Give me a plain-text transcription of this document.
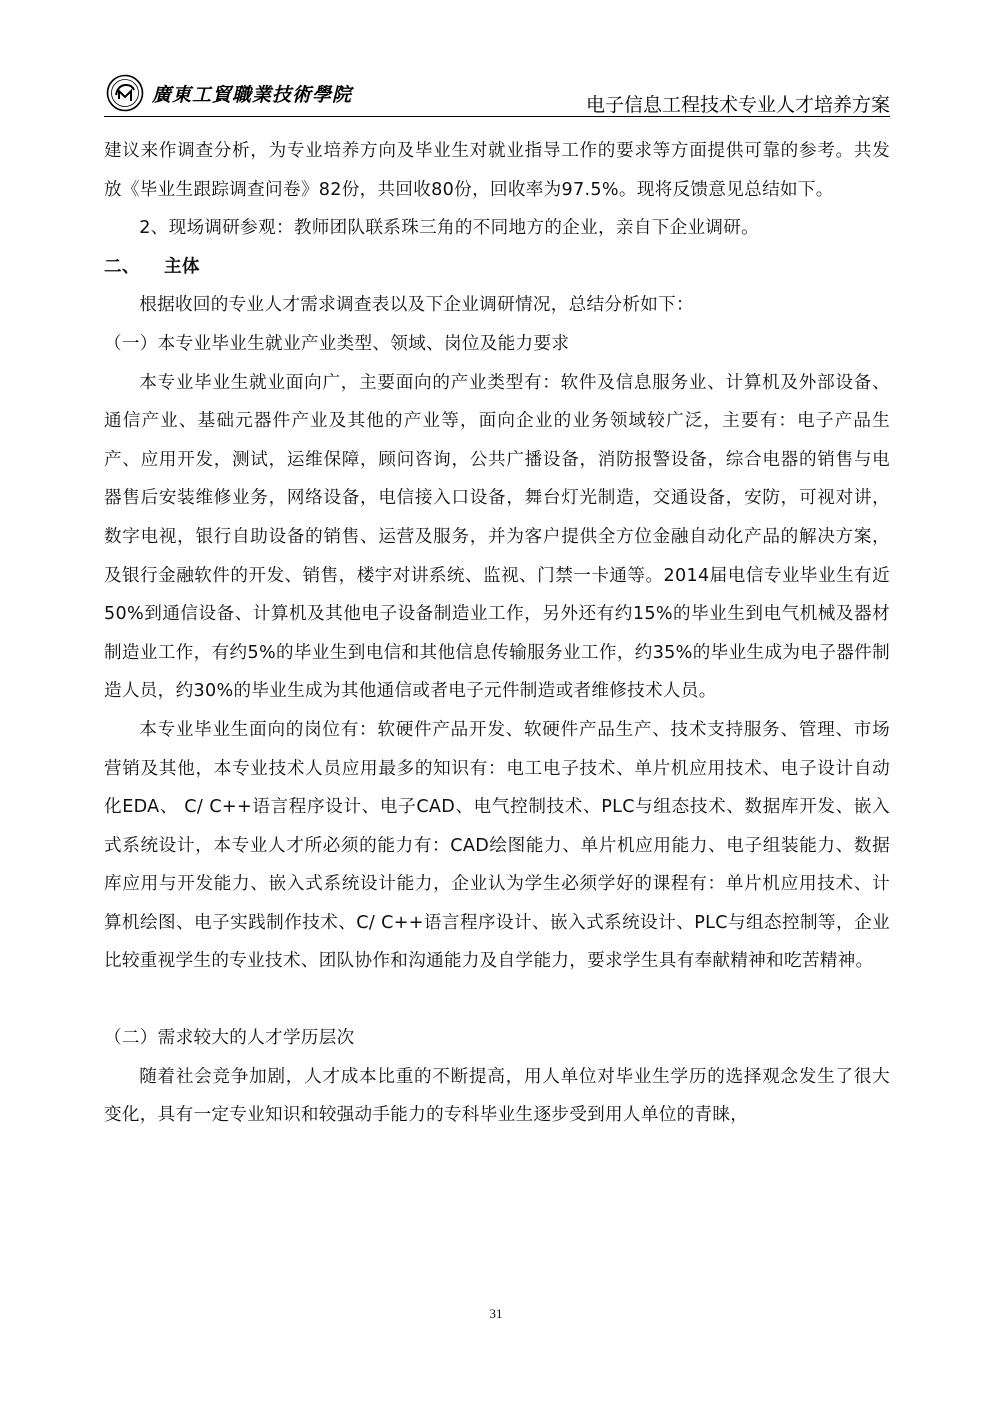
廣東工貿職業技術學院	电子信息工程技术专业人才培养方案

建议来作调查分析，为专业培养方向及毕业生对就业指导工作的要求等方面提供可靠的参考。共发放《毕业生跟踪调查问卷》82份，共回收80份，回收率为97.5%。现将反馈意见总结如下。

2、现场调研参观：教师团队联系珠三角的不同地方的企业，亲自下企业调研。

二、 主体

根据收回的专业人才需求调查表以及下企业调研情况，总结分析如下：

（一）本专业毕业生就业产业类型、领域、岗位及能力要求

本专业毕业生就业面向广，主要面向的产业类型有：软件及信息服务业、计算机及外部设备、通信产业、基础元器件产业及其他的产业等，面向企业的业务领域较广泛，主要有：电子产品生产、应用开发，测试，运维保障，顾问咨询，公共广播设备，消防报警设备，综合电器的销售与电器售后安装维修业务，网络设备，电信接入口设备，舞台灯光制造，交通设备，安防，可视对讲，数字电视，银行自助设备的销售、运营及服务，并为客户提供全方位金融自动化产品的解决方案，及银行金融软件的开发、销售，楼宇对讲系统、监视、门禁一卡通等。2014届电信专业毕业生有近50%到通信设备、计算机及其他电子设备制造业工作，另外还有约15%的毕业生到电气机械及器材制造业工作，有约5%的毕业生到电信和其他信息传输服务业工作，约35%的毕业生成为电子器件制造人员，约30%的毕业生成为其他通信或者电子元件制造或者维修技术人员。

本专业毕业生面向的岗位有：软硬件产品开发、软硬件产品生产、技术支持服务、管理、市场营销及其他，本专业技术人员应用最多的知识有：电工电子技术、单片机应用技术、电子设计自动化EDA、 C/ C++语言程序设计、电子CAD、电气控制技术、PLC与组态技术、数据库开发、嵌入式系统设计，本专业人才所必须的能力有：CAD绘图能力、单片机应用能力、电子组装能力、数据库应用与开发能力、嵌入式系统设计能力，企业认为学生必须学好的课程有：单片机应用技术、计算机绘图、电子实践制作技术、C/ C++语言程序设计、嵌入式系统设计、PLC与组态控制等，企业比较重视学生的专业技术、团队协作和沟通能力及自学能力，要求学生具有奉献精神和吃苦精神。

（二）需求较大的人才学历层次

随着社会竞争加剧，人才成本比重的不断提高，用人单位对毕业生学历的选择观念发生了很大变化，具有一定专业知识和较强动手能力的专科毕业生逐步受到用人单位的青睐，

31
